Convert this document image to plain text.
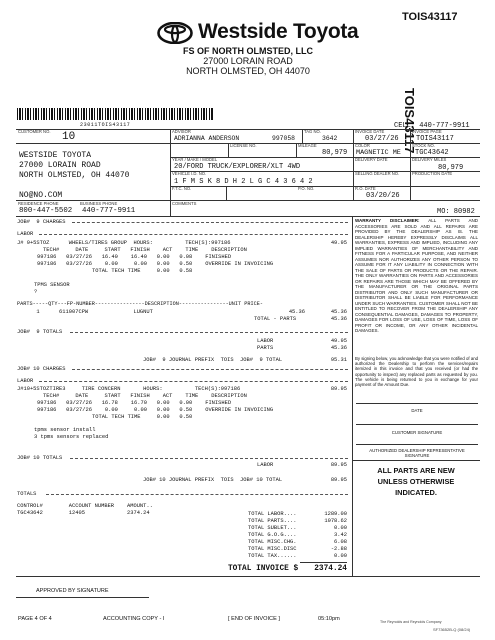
Westside Toyota
FS OF NORTH OLMSTED, LLC
27000 LORAIN ROAD
NORTH OLMSTED, OH 44070
TOIS43117
TOIS43117
23011TOIS43117	CELL: 440-777-9911
CUSTOMER NO. 10
WESTSIDE TOYOTA
27000 LORAIN ROAD
NORTH OLMSTED, OH 44070
NO@NO.COM
ADVISOR
ADRIANNA ANDERSON	997058
TAG NO.
3642
INVOICE DATE
03/27/26
INVOICE PAGE
TOIS43117
LICENSE NO.	MILEAGE
80,979
COLOR
MAGNETIC ME
STOCK NO.
TGC43642
YEAR / MAKE / MODEL
20/FORD TRUCK/EXPLORER/XLT 4WD
DELIVERY DATE	DELIVERY MILES
80,979
VEHICLE I.D. NO.
1 F M S K 8 D H 2 L G C 4 3 6 4 2
SELLING DEALER NO.	PRODUCTION DATE
F.T.C. NO.	P.O. NO.	R.O. DATE
03/20/26
RESIDENCE PHONE
800-447-5502
BUSINESS PHONE
440-777-9911
COMMENTS
MO: 80982
JOB#  9 CHARGES
LABOR
J# 9+5STOZ      WHEELS/TIRES GROUP  HOURS:          TECH(S):997186	49.95
TECH#     DATE     START   FINISH    ACT    TIME    DESCRIPTION
997186   03/27/26   16.40    16.40   0.00   0.08    FINISHED
997186   03/27/26    0.00     0.00   0.00   0.50    OVERRIDE IN INVOICING
TOTAL TECH TIME     0.00   0.58
TPMS SENSOR
?
PARTS-----QTY---FP-NUMBER----------------DESCRIPTION----------------UNIT PRICE-
1      611007CPW              LUGNUT	45.36	45.36
TOTAL - PARTS	45.36
JOB#  9 TOTALS
LABOR	49.95
PARTS	45.36
JOB#  9 JOURNAL PREFIX  TOIS  JOB#  9 TOTAL	95.31
JOB# 10 CHARGES
LABOR
J#10+5STOZTIRE3     TIRE CONCERN       HOURS:          TECH(S):997186	89.95
TECH#     DATE     START   FINISH    ACT    TIME    DESCRIPTION
997186   03/27/26   16.78    16.70   0.00   0.00    FINISHED
997186   03/27/26    0.00     0.00   0.00   0.50    OVERRIDE IN INVOICING
TOTAL TECH TIME     0.00   0.50
tpms sensor install
3 tpms sensors replaced
JOB# 10 TOTALS
LABOR	89.95
JOB# 10 JOURNAL PREFIX  TOIS  JOB# 10 TOTAL	89.95
TOTALS
CONTROL#        ACCOUNT NUMBER    AMOUNT..
TGC43642        12405             2374.24	TOTAL LABOR....	1289.00
TOTAL PARTS....	1078.62
TOTAL SUBLET...	0.00
TOTAL G.O.G....	3.42
TOTAL MISC.CHG.	6.08
TOTAL MISC.DISC	-2.88
TOTAL TAX......	0.00
TOTAL INVOICE $	2374.24
WARRANTY DISCLAIMER: ALL PARTS AND ACCESSORIES ARE SOLD AND ALL REPAIRS ARE PROVIDED BY THE DEALERSHIP AS IS. THE DEALERSHIP HEREBY EXPRESSLY DISCLAIMS ALL WARRANTIES, EXPRESS AND IMPLIED, INCLUDING ANY IMPLIED WARRANTIES OF MERCHANTABILITY AND FITNESS FOR A PARTICULAR PURPOSE, AND NEITHER ASSUMES NOR AUTHORIZES ANY OTHER PERSON TO ASSUME FOR IT ANY LIABILITY IN CONNECTION WITH THE SALE OF PARTS OR PRODUCTS OR THE REPAIR. THE ONLY WARRANTIES ON PARTS AND ACCESSORIES OR REPAIRS ARE THOSE WHICH MAY BE OFFERED BY THE MANUFACTURER OR THE ORIGINAL PARTS DISTRIBUTOR AND ONLY SUCH MANUFACTURER OR DISTRIBUTOR SHALL BE LIABLE FOR PERFORMANCE UNDER SUCH WARRANTIES. CUSTOMER SHALL NOT BE ENTITLED TO RECOVER FROM THE DEALERSHIP ANY CONSEQUENTIAL DAMAGES, DAMAGES TO PROPERTY, DAMAGES FOR LOSS OF USE, LOSS OF TIME, LOSS OF PROFIT OR INCOME, OR ANY OTHER INCIDENTAL DAMAGES.
By signing below, you acknowledge that you were notified of and authorized the Dealership to perform the services/repairs itemized in this invoice and that you received (or had the opportunity to inspect) any replaced parts as requested by you. The vehicle is being returned to you in exchange for your payment of the Amount Due.
DATE
CUSTOMER SIGNATURE
AUTHORIZED DEALERSHIP REPRESENTATIVE SIGNATURE
ALL PARTS ARE NEW UNLESS OTHERWISE INDICATED.
APPROVED BY SIGNATURE
PAGE 4 OF 4	ACCOUNTING COPY - I	[ END OF INVOICE ]	05:10pm	The Reynolds and Reynolds Company
SF73652B-Q (08/24)
